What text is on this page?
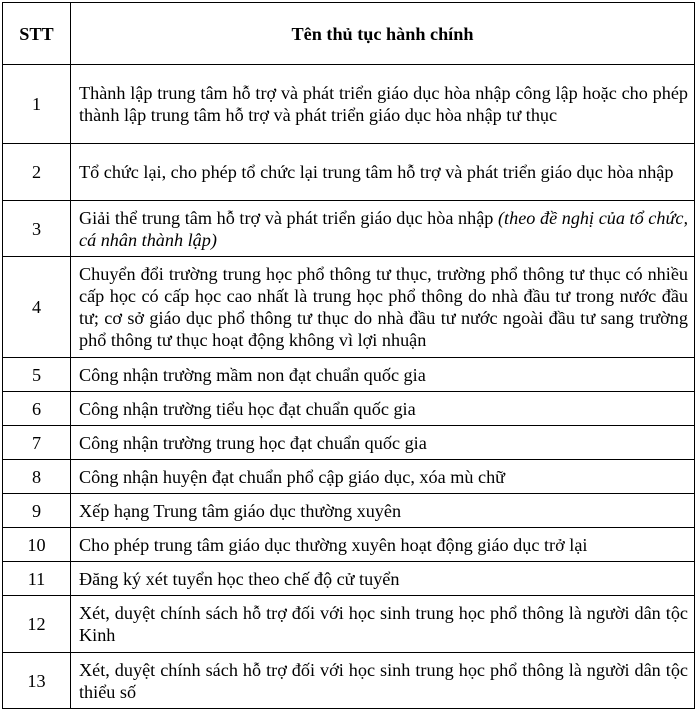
STT	Tên thủ tục hành chính
1	Thành lập trung tâm hỗ trợ và phát triển giáo dục hòa nhập công lập hoặc cho phép thành lập trung tâm hỗ trợ và phát triển giáo dục hòa nhập tư thục
2	Tổ chức lại, cho phép tổ chức lại trung tâm hỗ trợ và phát triển giáo dục hòa nhập
3	Giải thể trung tâm hỗ trợ và phát triển giáo dục hòa nhập (theo đề nghị của tổ chức, cá nhân thành lập)
4	Chuyển đổi trường trung học phổ thông tư thục, trường phổ thông tư thục có nhiều cấp học có cấp học cao nhất là trung học phổ thông do nhà đầu tư trong nước đầu tư; cơ sở giáo dục phổ thông tư thục do nhà đầu tư nước ngoài đầu tư sang trường phổ thông tư thục hoạt động không vì lợi nhuận
5	Công nhận trường mầm non đạt chuẩn quốc gia
6	Công nhận trường tiểu học đạt chuẩn quốc gia
7	Công nhận trường trung học đạt chuẩn quốc gia
8	Công nhận huyện đạt chuẩn phổ cập giáo dục, xóa mù chữ
9	Xếp hạng Trung tâm giáo dục thường xuyên
10	Cho phép trung tâm giáo dục thường xuyên hoạt động giáo dục trở lại
11	Đăng ký xét tuyển học theo chế độ cử tuyển
12	Xét, duyệt chính sách hỗ trợ đối với học sinh trung học phổ thông là người dân tộc Kinh
13	Xét, duyệt chính sách hỗ trợ đối với học sinh trung học phổ thông là người dân tộc thiểu số
